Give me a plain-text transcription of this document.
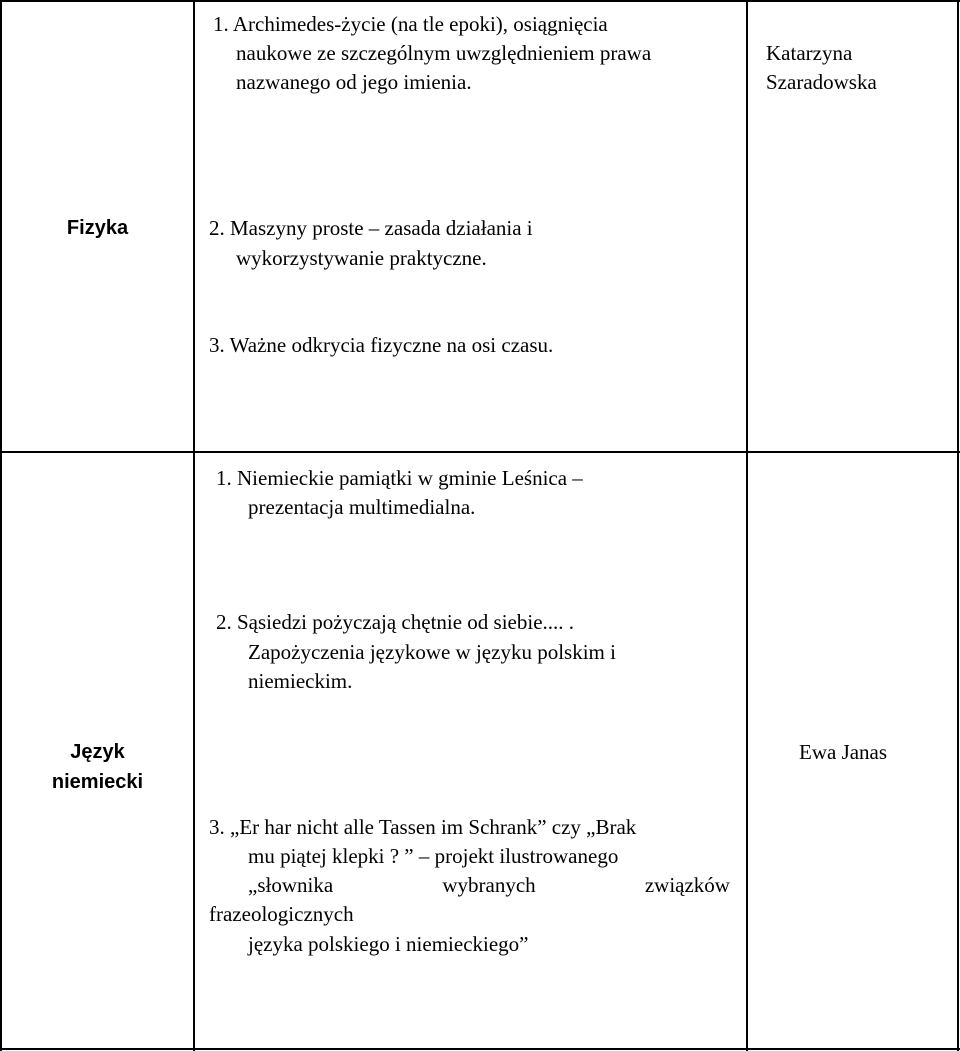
Fizyka
1. Archimedes-życie (na tle epoki), osiągnięcia
naukowe ze szczególnym uwzględnieniem prawa
nazwanego od jego imienia.
2. Maszyny proste – zasada działania i
wykorzystywanie praktyczne.
3. Ważne odkrycia fizyczne na osi czasu.
Katarzyna
Szaradowska
Język
niemiecki
1. Niemieckie pamiątki w gminie Leśnica –
prezentacja multimedialna.
2. Sąsiedzi pożyczają chętnie od siebie.... .
Zapożyczenia językowe w języku polskim i
niemieckim.
3. „Er har nicht alle Tassen im Schrank” czy „Brak
mu piątej klepki ? ” – projekt ilustrowanego
„słownika	wybranych	związków
frazeologicznych
języka polskiego i niemieckiego”
Ewa Janas
